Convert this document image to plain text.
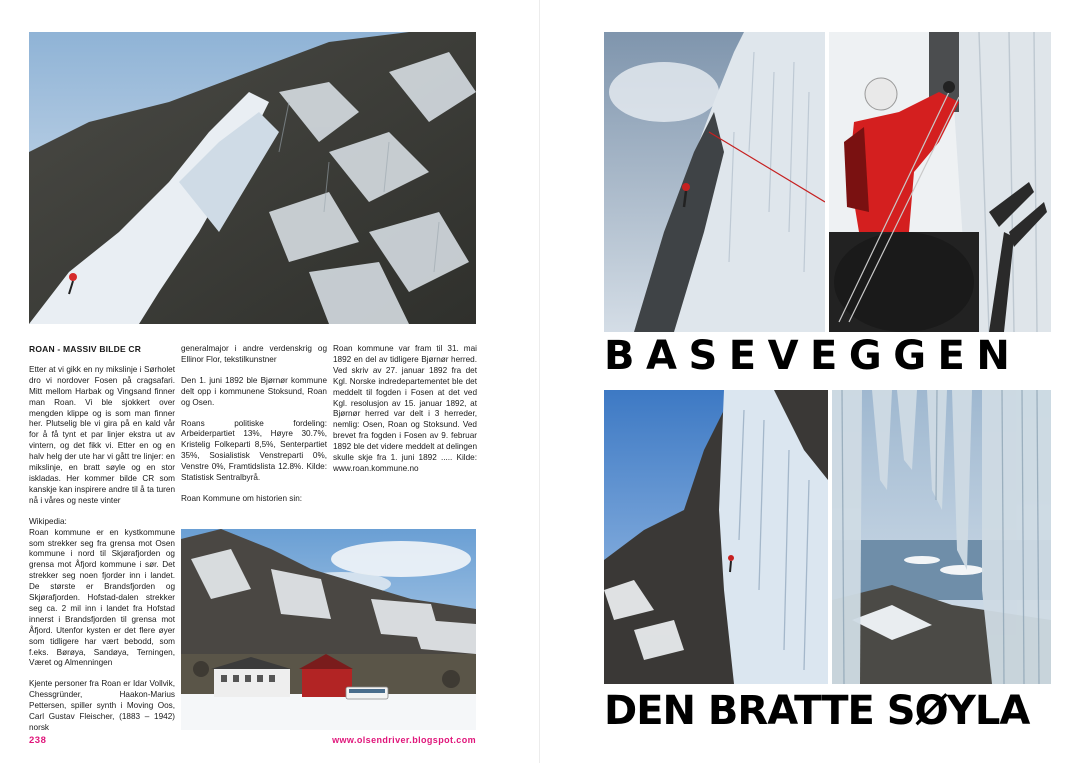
ROAN - MASSIV BILDE CR

Etter at vi gikk en ny mikslinje i Sørholet dro vi nordover Fosen på cragsafari. Mitt mellom Harbak og Vingsand finner man Roan. Vi ble sjokkert over mengden klippe og is som man finner her. Plutselig ble vi gira på en kald vår for å få tynt et par linjer ekstra ut av vintern, og det fikk vi. Etter en og en halv helg der ute har vi gått tre linjer: en mikslinje, en bratt søyle og en stor iskladas. Her kommer bilde CR som kanskje kan inspirere andre til å ta turen nå i våres og neste vinter

Wikipedia:
Roan kommune er en kystkommune som strekker seg fra grensa mot Osen kommune i nord til Skjørafjorden og grensa mot Åfjord kommune i sør. Det strekker seg noen fjorder inn i landet. De største er Brandsfjorden og Skjørafjorden. Hofstad-dalen strekker seg ca. 2 mil inn i landet fra Hofstad innerst i Brandsfjorden til grensa mot Åfjord. Utenfor kysten er det flere øyer som tidligere har vært bebodd, som f.eks. Børøya, Sandøya, Terningen, Været og Almenningen

Kjente personer fra Roan er Idar Vollvik, Chessgründer, Haakon-Marius Pettersen, spiller synth i Moving Oos, Carl Gustav Fleischer, (1883 – 1942) norsk

generalmajor i andre verdenskrig og Ellinor Flor, tekstilkunstner

Den 1. juni 1892 ble Bjørnør kommune delt opp i kommunene Stoksund, Roan og Osen.

Roans politiske fordeling: Arbeiderpartiet 13%, Høyre 30.7%, Kristelig Folkeparti 8,5%, Senterpartiet 35%, Sosialistisk Venstreparti 0%, Venstre 0%, Framtidslista 12.8%. Kilde: Statistisk Sentralbyrå.

Roan Kommune om historien sin:

Roan kommune var fram til 31. mai 1892 en del av tidligere Bjørnør herred. Ved skriv av 27. januar 1892 fra det Kgl. Norske indredepartementet ble det meddelt til fogden i Fosen at det ved Kgl. resolusjon av 15. januar 1892, at Bjørnør herred var delt i 3 herreder, nemlig: Osen, Roan og Stoksund. Ved brevet fra fogden i Fosen av 9. februar 1892 ble det videre meddelt at delingen skulle skje fra 1. juni 1892 ..... Kilde: www.roan.kommune.no

238	www.olsendriver.blogspot.com
BASEVEGGEN
DEN BRATTE SØYLA
